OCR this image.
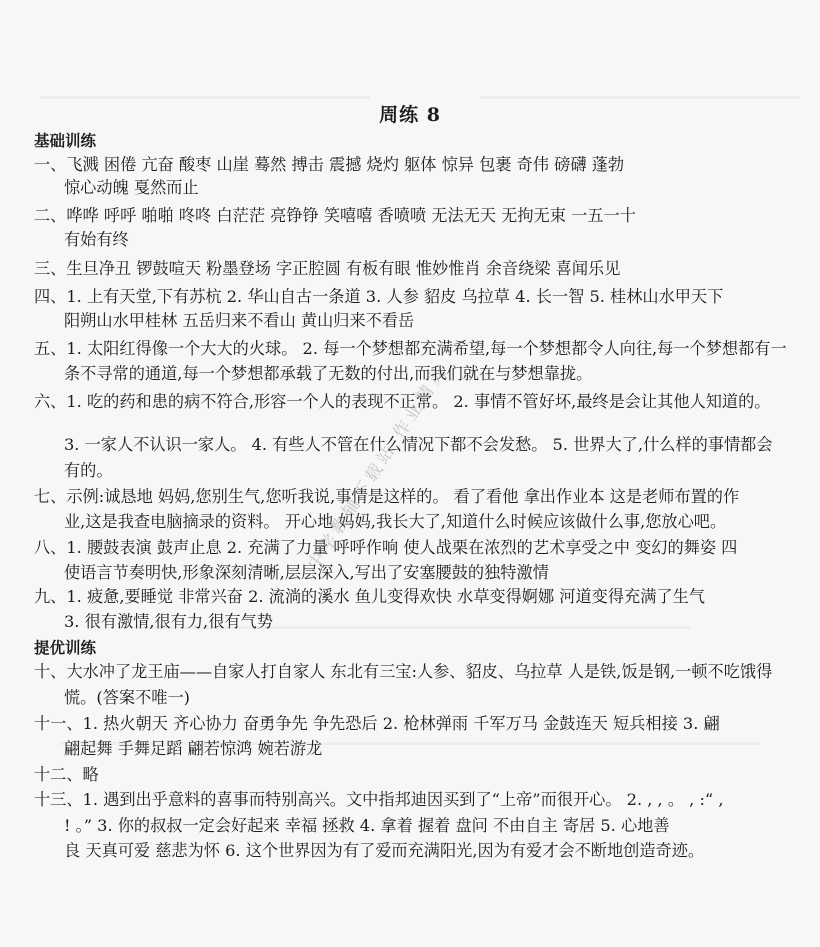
周练 8
基础训练
一、飞溅 困倦 亢奋 酸枣 山崖 蓦然 搏击 震撼 烧灼 躯体 惊异 包裹 奇伟 磅礴 蓬勃
惊心动魄 戛然而止
二、哗哗 呼呼 啪啪 咚咚 白茫茫 亮铮铮 笑嘻嘻 香喷喷 无法无天 无拘无束 一五一十
有始有终
三、生旦净丑 锣鼓喧天 粉墨登场 字正腔圆 有板有眼 惟妙惟肖 余音绕梁 喜闻乐见
四、1. 上有天堂,下有苏杭 2. 华山自古一条道 3. 人参 貂皮 乌拉草 4. 长一智 5. 桂林山水甲天下
阳朔山水甲桂林 五岳归来不看山 黄山归来不看岳
五、1. 太阳红得像一个大大的火球。 2. 每一个梦想都充满希望,每一个梦想都令人向往,每一个梦想都有一
条不寻常的通道,每一个梦想都承载了无数的付出,而我们就在与梦想靠拢。
六、1. 吃的药和患的病不符合,形容一个人的表现不正常。 2. 事情不管好坏,最终是会让其他人知道的。
3. 一家人不认识一家人。 4. 有些人不管在什么情况下都不会发愁。 5. 世界大了,什么样的事情都会
有的。
七、示例:诚恳地 妈妈,您别生气,您听我说,事情是这样的。 看了看他 拿出作业本 这是老师布置的作
业,这是我查电脑摘录的资料。 开心地 妈妈,我长大了,知道什么时候应该做什么事,您放心吧。
八、1. 腰鼓表演 鼓声止息 2. 充满了力量 呼呼作响 使人战栗在浓烈的艺术享受之中 变幻的舞姿 四
使语言节奏明快,形象深刻清晰,层层深入,写出了安塞腰鼓的独特激情
九、1. 疲惫,要睡觉 非常兴奋 2. 流淌的溪水 鱼儿变得欢快 水草变得婀娜 河道变得充满了生气
3. 很有激情,很有力,很有气势
提优训练
十、大水冲了龙王庙——自家人打自家人 东北有三宝:人参、貂皮、乌拉草 人是铁,饭是钢,一顿不吃饿得
慌。(答案不唯一)
十一、1. 热火朝天 齐心协力 奋勇争先 争先恐后 2. 枪林弹雨 千军万马 金鼓连天 短兵相接 3. 翩
翩起舞 手舞足蹈 翩若惊鸿 婉若游龙
十二、略
十三、1. 遇到出乎意料的喜事而特别高兴。文中指邦迪因买到了“上帝”而很开心。 2. , , 。 , :“ ,
! 。” 3. 你的叔叔一定会好起来 幸福 拯救 4. 拿着 握着 盘问 不由自主 寄居 5. 心地善
良 天真可爱 慈悲为怀 6. 这个世界因为有了爱而充满阳光,因为有爱才会不断地创造奇迹。
中学教辅下载站 作业精灵
